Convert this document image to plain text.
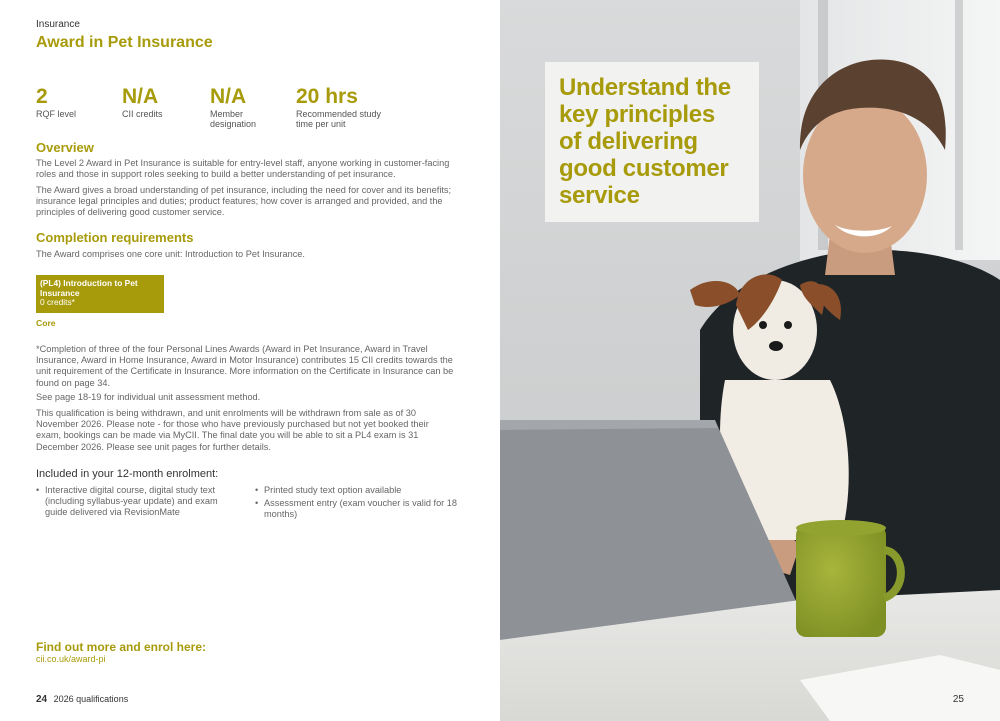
Insurance
Award in Pet Insurance
2
RQF level
N/A
CII credits
N/A
Member
designation
20 hrs
Recommended study
time per unit
Overview

The Level 2 Award in Pet Insurance is suitable for entry-level staff, anyone working in customer-facing roles and those in support roles seeking to build a better understanding of pet insurance.

The Award gives a broad understanding of pet insurance, including the need for cover and its benefits; insurance legal principles and duties; product features; how cover is arranged and provided, and the principles of delivering good customer service.

Completion requirements

The Award comprises one core unit: Introduction to Pet Insurance.

(PL4) Introduction to Pet
Insurance
0 credits*
Core

*Completion of three of the four Personal Lines Awards (Award in Pet Insurance, Award in Travel Insurance, Award in Home Insurance, Award in Motor Insurance) contributes 15 CII credits towards the unit requirement of the Certificate in Insurance. More information on the Certificate in Insurance can be found on page 34.

See page 18-19 for individual unit assessment method.

This qualification is being withdrawn, and unit enrolments will be withdrawn from sale as of 30 November 2026. Please note - for those who have previously purchased but not yet booked their exam, bookings can be made via MyCII. The final date you will be able to sit a PL4 exam is 31 December 2026. Please see unit pages for further details.

Included in your 12-month enrolment:
• Interactive digital course, digital study text (including syllabus-year update) and exam guide delivered via RevisionMate
• Printed study text option available
• Assessment entry (exam voucher is valid for 18 months)
Find out more and enrol here:
cii.co.uk/award-pi
24 2026 qualifications
Understand the
key principles
of delivering
good customer
service
25
